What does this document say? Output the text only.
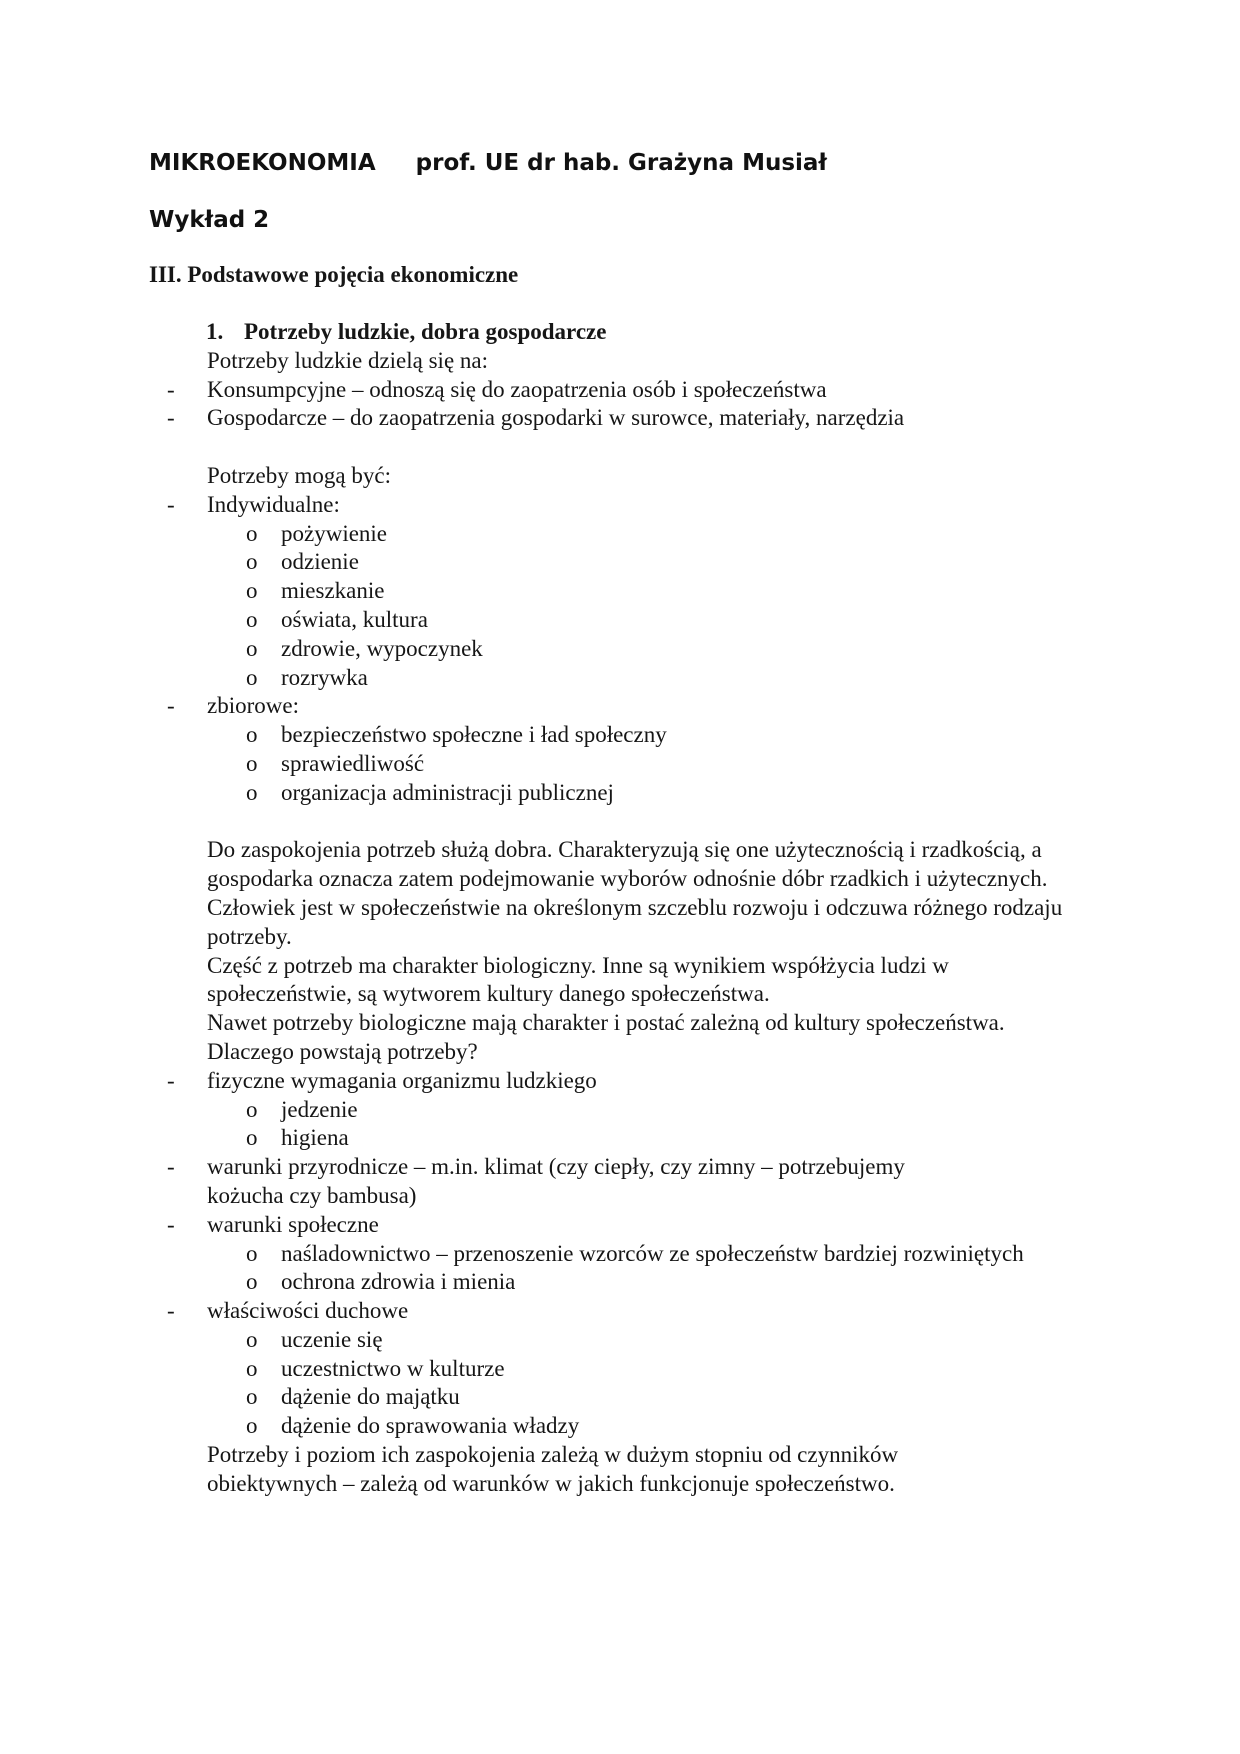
MIKROEKONOMIA prof. UE dr hab. Grażyna Musiał
Wykład 2
III. Podstawowe pojęcia ekonomiczne
1. Potrzeby ludzkie, dobra gospodarcze
Potrzeby ludzkie dzielą się na:
- Konsumpcyjne – odnoszą się do zaopatrzenia osób i społeczeństwa
- Gospodarcze – do zaopatrzenia gospodarki w surowce, materiały, narzędzia
Potrzeby mogą być:
- Indywidualne:
o pożywienie
o odzienie
o mieszkanie
o oświata, kultura
o zdrowie, wypoczynek
o rozrywka
- zbiorowe:
o bezpieczeństwo społeczne i ład społeczny
o sprawiedliwość
o organizacja administracji publicznej
Do zaspokojenia potrzeb służą dobra. Charakteryzują się one użytecznością i rzadkością, a gospodarka oznacza zatem podejmowanie wyborów odnośnie dóbr rzadkich i użytecznych.
Człowiek jest w społeczeństwie na określonym szczeblu rozwoju i odczuwa różnego rodzaju potrzeby.
Część z potrzeb ma charakter biologiczny. Inne są wynikiem współżycia ludzi w społeczeństwie, są wytworem kultury danego społeczeństwa.
Nawet potrzeby biologiczne mają charakter i postać zależną od kultury społeczeństwa.
Dlaczego powstają potrzeby?
- fizyczne wymagania organizmu ludzkiego
o jedzenie
o higiena
- warunki przyrodnicze – m.in. klimat (czy ciepły, czy zimny – potrzebujemy kożucha czy bambusa)
- warunki społeczne
o naśladownictwo – przenoszenie wzorców ze społeczeństw bardziej rozwiniętych
o ochrona zdrowia i mienia
- właściwości duchowe
o uczenie się
o uczestnictwo w kulturze
o dążenie do majątku
o dążenie do sprawowania władzy
Potrzeby i poziom ich zaspokojenia zależą w dużym stopniu od czynników obiektywnych – zależą od warunków w jakich funkcjonuje społeczeństwo.
